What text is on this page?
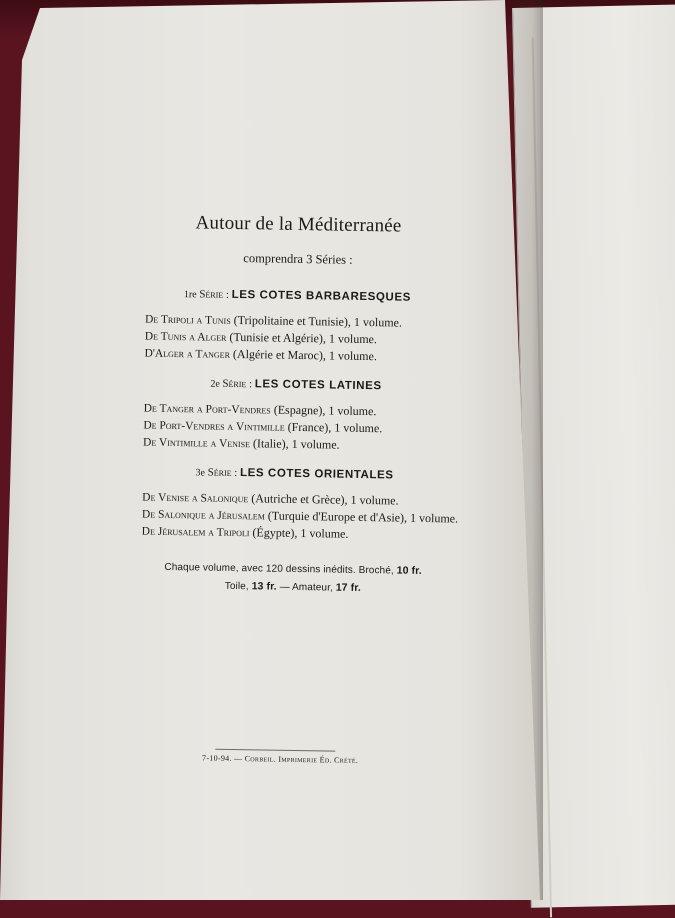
Autour de la Méditerranée
comprendra 3 Séries :
1re Série : LES COTES BARBARESQUES
De Tripoli a Tunis (Tripolitaine et Tunisie), 1 volume.
De Tunis a Alger (Tunisie et Algérie), 1 volume.
D'Alger a Tanger (Algérie et Maroc), 1 volume.
2e Série : LES COTES LATINES
De Tanger a Port-Vendres (Espagne), 1 volume.
De Port-Vendres a Vintimille (France), 1 volume.
De Vintimille a Venise (Italie), 1 volume.
3e Série : LES COTES ORIENTALES
De Venise a Salonique (Autriche et Grèce), 1 volume.
De Salonique a Jérusalem (Turquie d'Europe et d'Asie), 1 volume.
De Jérusalem a Tripoli (Égypte), 1 volume.
Chaque volume, avec 120 dessins inédits. Broché, 10 fr.
Toile, 13 fr. — Amateur, 17 fr.
7-10-94. — Corbeil. Imprimerie Éd. Crété.
